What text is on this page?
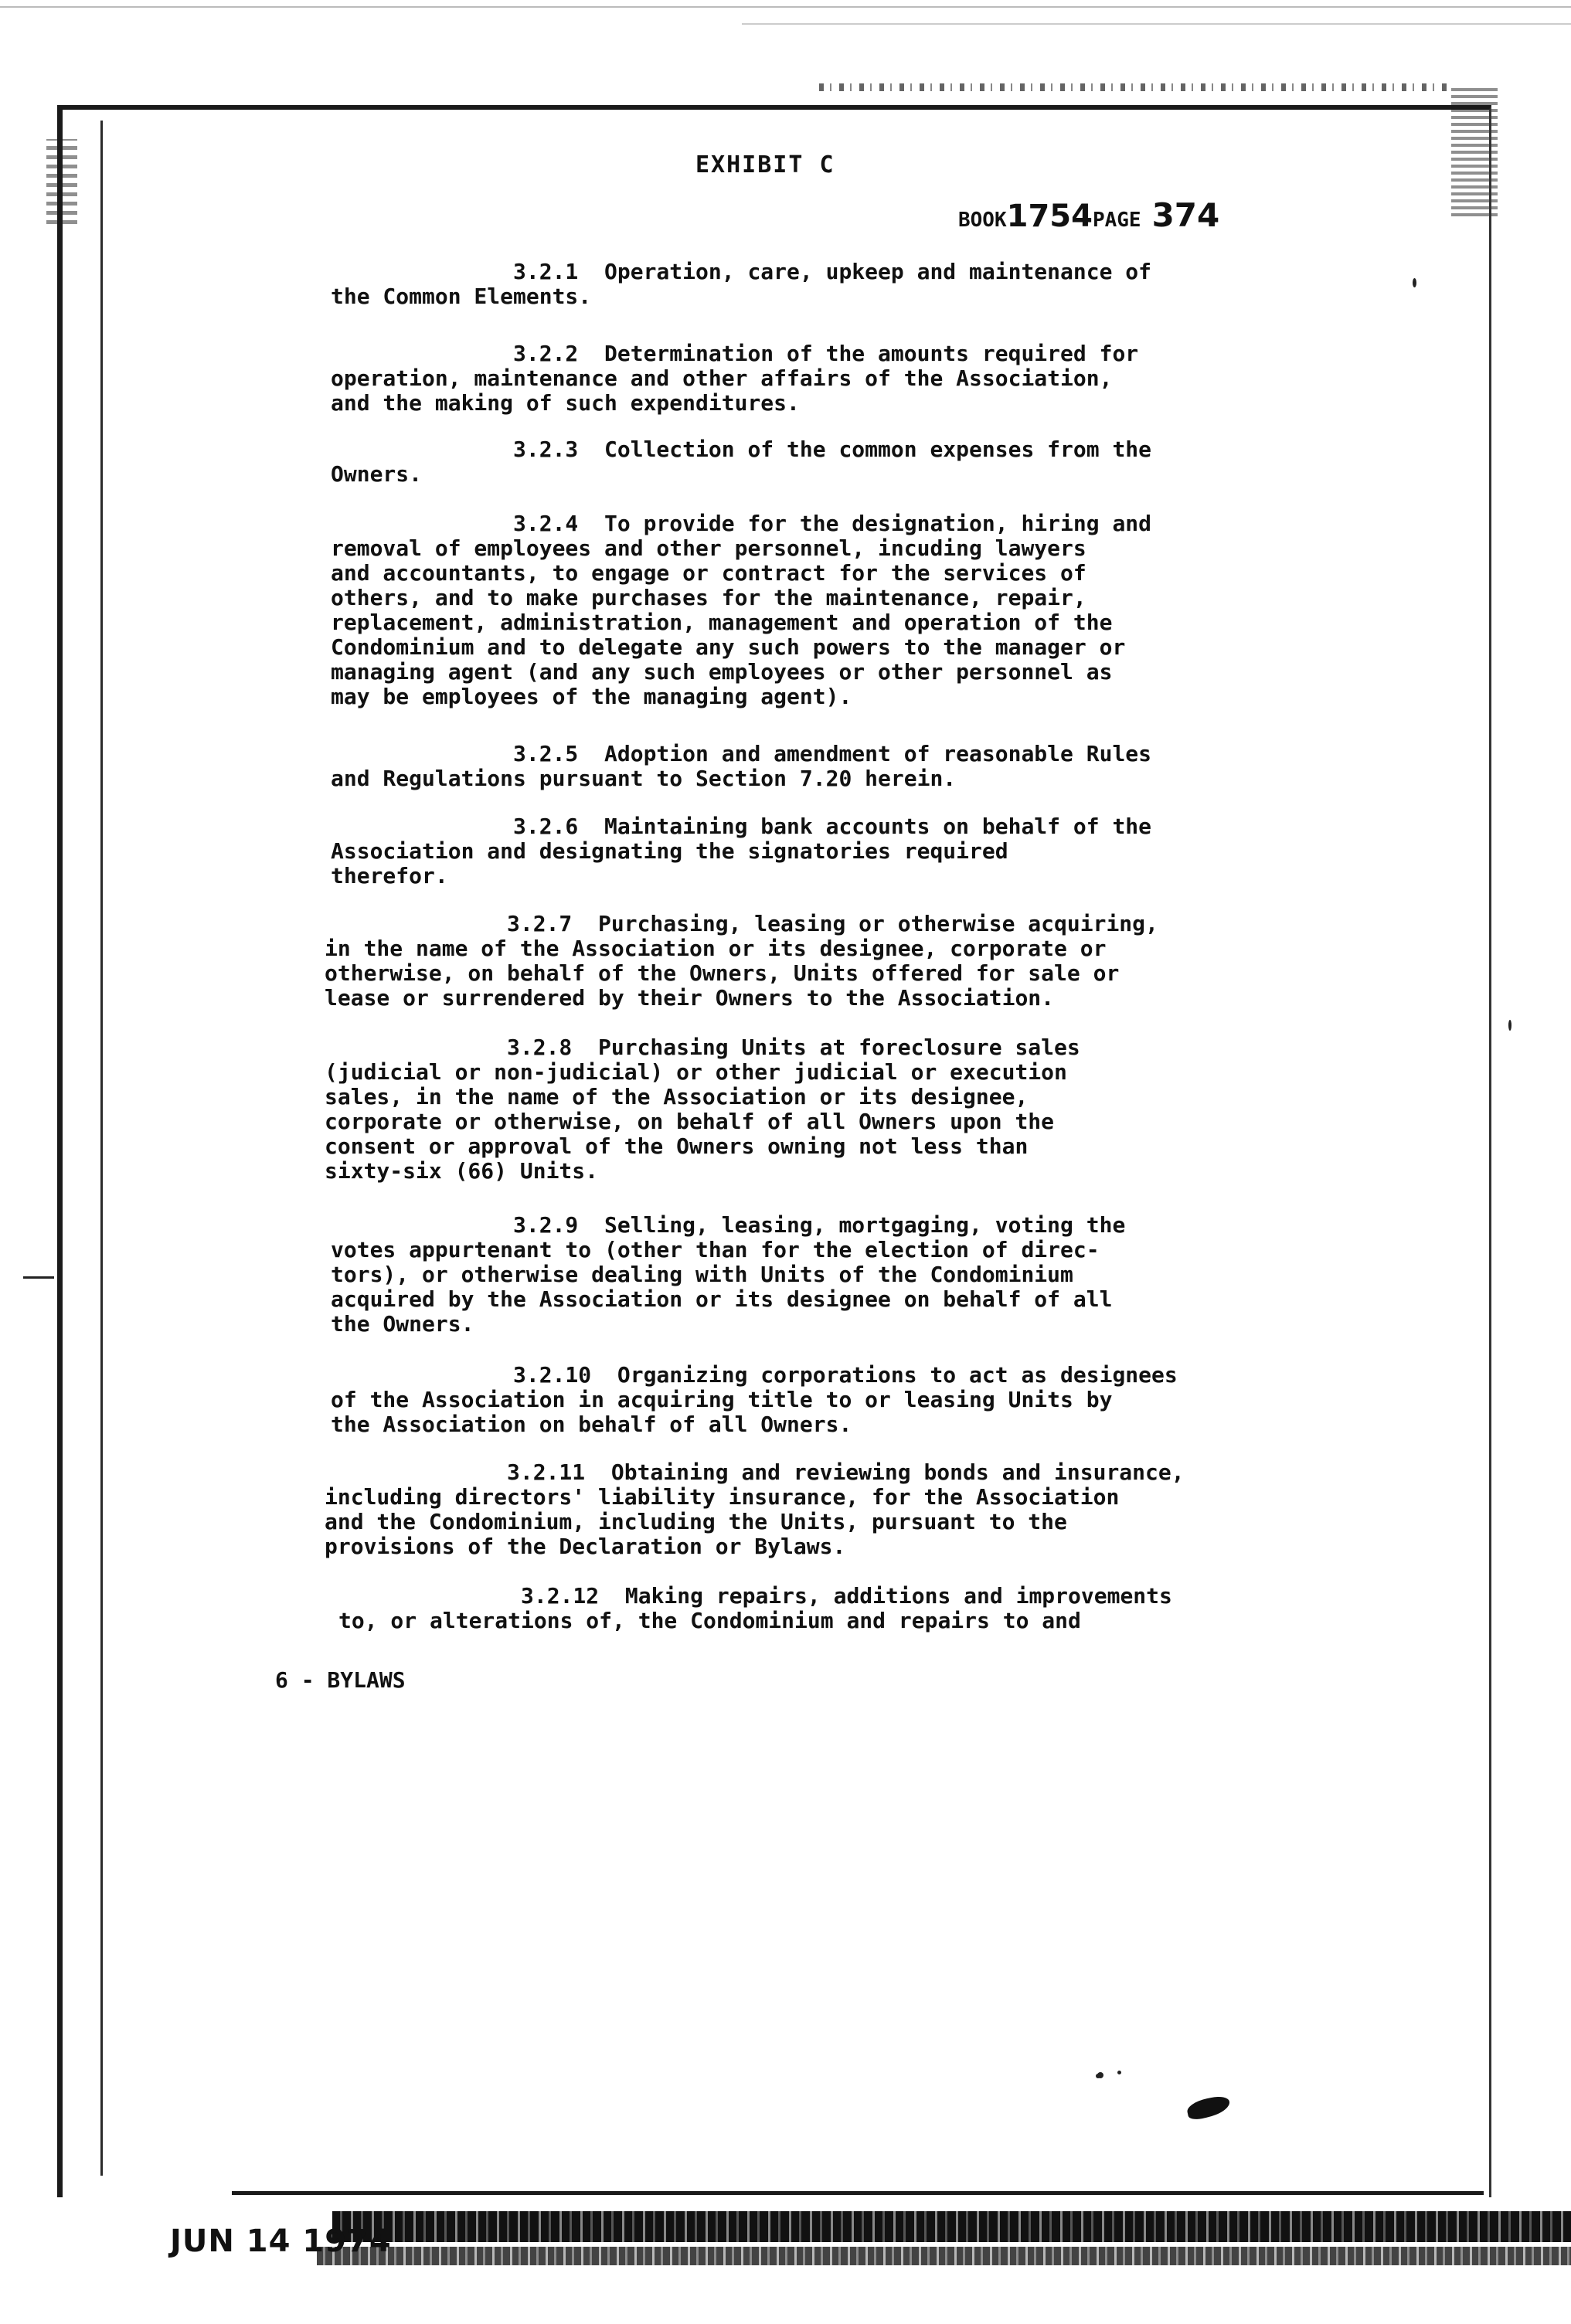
EXHIBIT C
BOOK1754PAGE 374
3.2.1  Operation, care, upkeep and maintenance of
the Common Elements.
3.2.2  Determination of the amounts required for
operation, maintenance and other affairs of the Association,
and the making of such expenditures.
3.2.3  Collection of the common expenses from the
Owners.
3.2.4  To provide for the designation, hiring and
removal of employees and other personnel, incuding lawyers
and accountants, to engage or contract for the services of
others, and to make purchases for the maintenance, repair,
replacement, administration, management and operation of the
Condominium and to delegate any such powers to the manager or
managing agent (and any such employees or other personnel as
may be employees of the managing agent).
3.2.5  Adoption and amendment of reasonable Rules
and Regulations pursuant to Section 7.20 herein.
3.2.6  Maintaining bank accounts on behalf of the
Association and designating the signatories required
therefor.
3.2.7  Purchasing, leasing or otherwise acquiring,
in the name of the Association or its designee, corporate or
otherwise, on behalf of the Owners, Units offered for sale or
lease or surrendered by their Owners to the Association.
3.2.8  Purchasing Units at foreclosure sales
(judicial or non-judicial) or other judicial or execution
sales, in the name of the Association or its designee,
corporate or otherwise, on behalf of all Owners upon the
consent or approval of the Owners owning not less than
sixty-six (66) Units.
3.2.9  Selling, leasing, mortgaging, voting the
votes appurtenant to (other than for the election of direc-
tors), or otherwise dealing with Units of the Condominium
acquired by the Association or its designee on behalf of all
the Owners.
3.2.10  Organizing corporations to act as designees
of the Association in acquiring title to or leasing Units by
the Association on behalf of all Owners.
3.2.11  Obtaining and reviewing bonds and insurance,
including directors' liability insurance, for the Association
and the Condominium, including the Units, pursuant to the
provisions of the Declaration or Bylaws.
3.2.12  Making repairs, additions and improvements
to, or alterations of, the Condominium and repairs to and
6 - BYLAWS
JUN 14 1974
